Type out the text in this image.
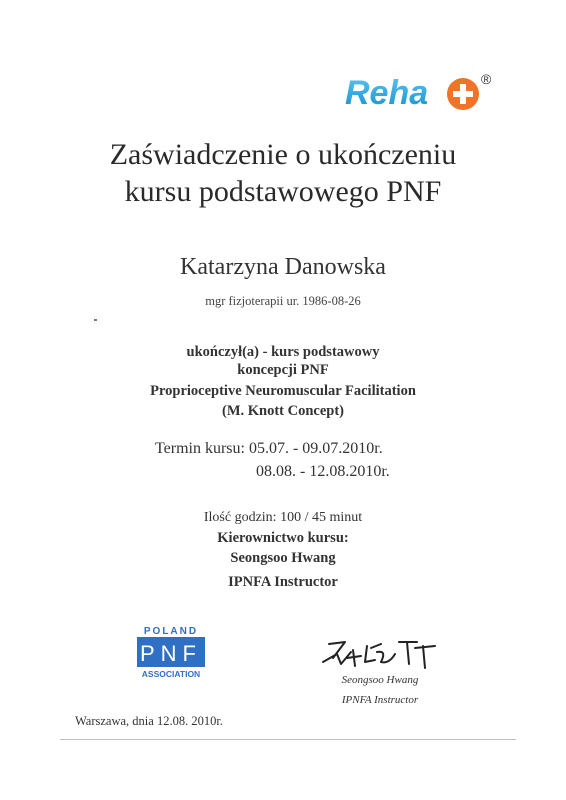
Reha	®
Zaświadczenie o ukończeniu
kursu podstawowego PNF
Katarzyna Danowska
mgr fizjoterapii ur. 1986-08-26
ukończył(a) - kurs podstawowy
koncepcji PNF
Proprioceptive Neuromuscular Facilitation
(M. Knott Concept)
Termin kursu: 05.07. - 09.07.2010r.
08.08. - 12.08.2010r.
Ilość godzin: 100 / 45 minut
Kierownictwo kursu:
Seongsoo Hwang
IPNFA Instructor
POLAND
PNF
ASSOCIATION	Seongsoo Hwang
IPNFA Instructor
Warszawa, dnia 12.08. 2010r.
